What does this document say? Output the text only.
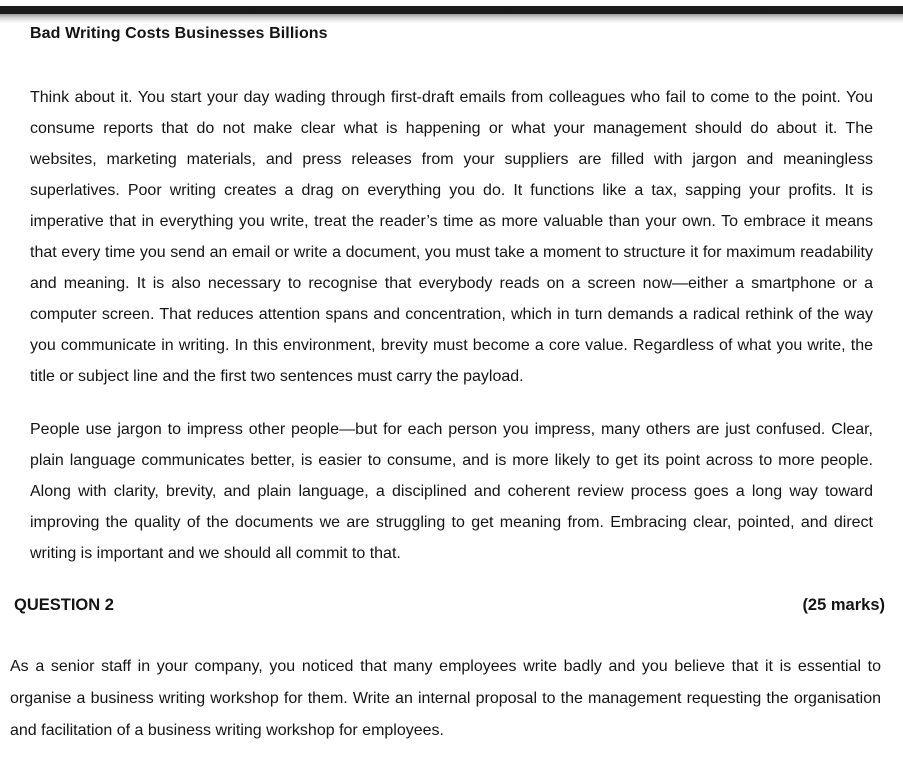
Bad Writing Costs Businesses Billions

Think about it. You start your day wading through first-draft emails from colleagues who fail to come to the point. You consume reports that do not make clear what is happening or what your management should do about it. The websites, marketing materials, and press releases from your suppliers are filled with jargon and meaningless superlatives. Poor writing creates a drag on everything you do. It functions like a tax, sapping your profits. It is imperative that in everything you write, treat the reader’s time as more valuable than your own. To embrace it means that every time you send an email or write a document, you must take a moment to structure it for maximum readability and meaning. It is also necessary to recognise that everybody reads on a screen now—either a smartphone or a computer screen. That reduces attention spans and concentration, which in turn demands a radical rethink of the way you communicate in writing. In this environment, brevity must become a core value. Regardless of what you write, the title or subject line and the first two sentences must carry the payload.

People use jargon to impress other people—but for each person you impress, many others are just confused. Clear, plain language communicates better, is easier to consume, and is more likely to get its point across to more people. Along with clarity, brevity, and plain language, a disciplined and coherent review process goes a long way toward improving the quality of the documents we are struggling to get meaning from. Embracing clear, pointed, and direct writing is important and we should all commit to that.

QUESTION 2	(25 marks)

As a senior staff in your company, you noticed that many employees write badly and you believe that it is essential to organise a business writing workshop for them. Write an internal proposal to the management requesting the organisation and facilitation of a business writing workshop for employees.
